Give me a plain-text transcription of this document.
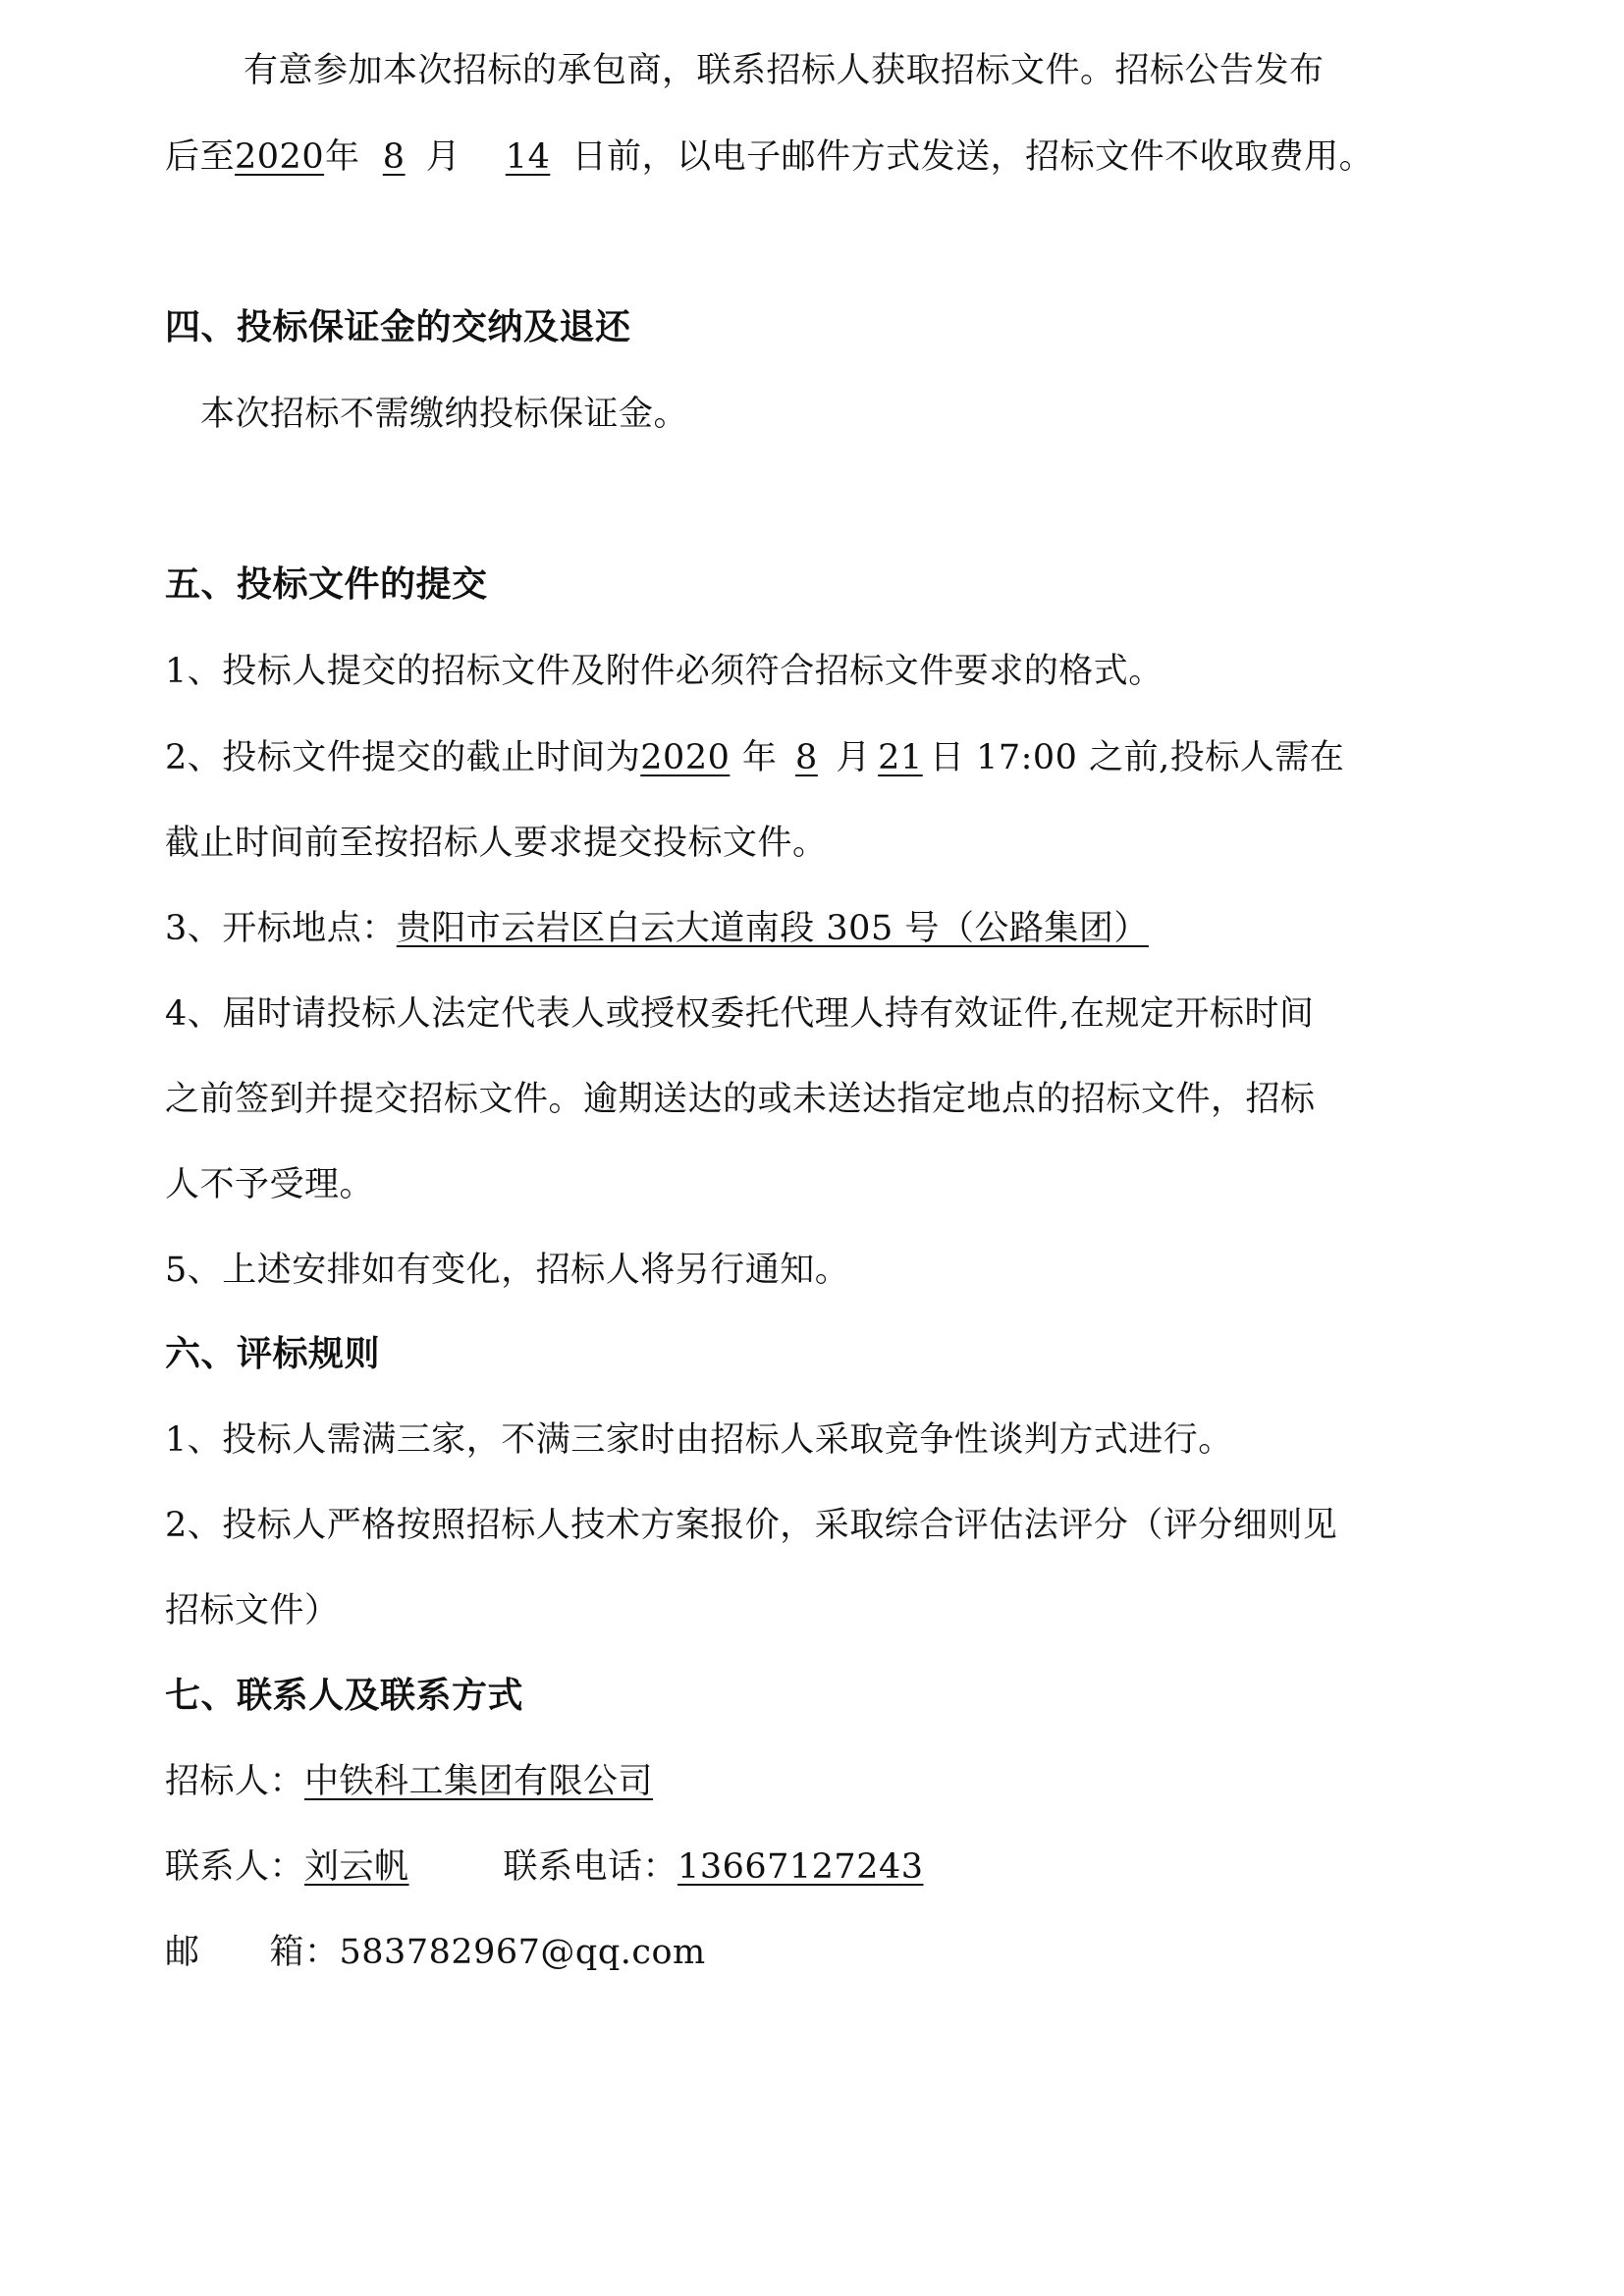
有意参加本次招标的承包商，联系招标人获取招标文件。招标公告发布
后至2020年 8 月 14 日前，以电子邮件方式发送，招标文件不收取费用。
四、投标保证金的交纳及退还
本次招标不需缴纳投标保证金。
五、投标文件的提交
1、投标人提交的招标文件及附件必须符合招标文件要求的格式。
2、投标文件提交的截止时间为2020 年 8 月 21 日 17:00 之前,投标人需在
截止时间前至按招标人要求提交投标文件。
3、开标地点：贵阳市云岩区白云大道南段 305 号（公路集团）
4、届时请投标人法定代表人或授权委托代理人持有效证件,在规定开标时间
之前签到并提交招标文件。逾期送达的或未送达指定地点的招标文件，招标
人不予受理。
5、上述安排如有变化，招标人将另行通知。
六、评标规则
1、投标人需满三家，不满三家时由招标人采取竞争性谈判方式进行。
2、投标人严格按照招标人技术方案报价，采取综合评估法评分（评分细则见
招标文件）
七、联系人及联系方式
招标人：中铁科工集团有限公司
联系人：刘云帆	联系电话：13667127243
邮　　箱：583782967@qq.com
